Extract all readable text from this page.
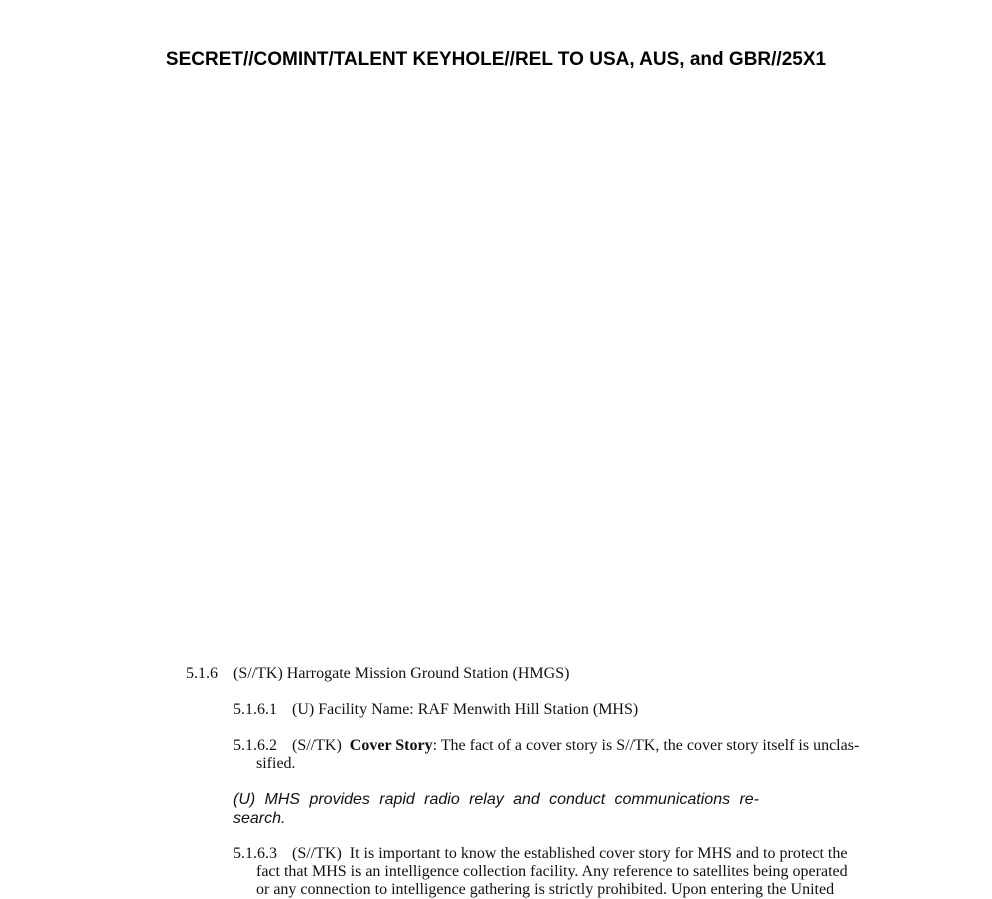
SECRET//COMINT/TALENT KEYHOLE//REL TO USA, AUS, and GBR//25X1
5.1.6 (S//TK) Harrogate Mission Ground Station (HMGS)
5.1.6.1 (U) Facility Name: RAF Menwith Hill Station (MHS)
5.1.6.2 (S//TK) Cover Story: The fact of a cover story is S//TK, the cover story itself is unclas-
sified.
(U) MHS provides rapid radio relay and conduct communications re-
search.
5.1.6.3 (S//TK) It is important to know the established cover story for MHS and to protect the
fact that MHS is an intelligence collection facility. Any reference to satellites being operated
or any connection to intelligence gathering is strictly prohibited. Upon entering the United
